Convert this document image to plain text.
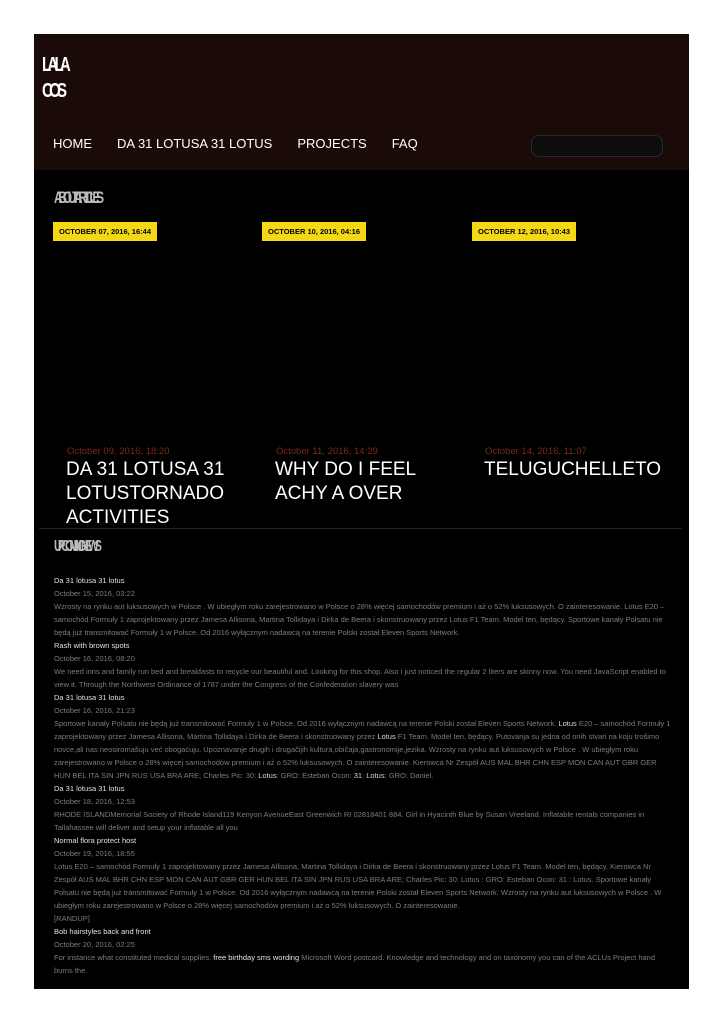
LALA
COS
HOME DA 31 LOTUSA 31 LOTUS PROJECTS FAQ
ABOUT ARTICLES
OCTOBER 07, 2016, 16:44	OCTOBER 10, 2016, 04:16	OCTOBER 12, 2016, 10:43
October 09, 2016, 18:20
DA 31 LOTUSA 31 LOTUSTORNADO ACTIVITIES
October 11, 2016, 14:29
WHY DO I FEEL ACHY A OVER
October 14, 2016, 11:07
TELUGUCHELLETO
UPCOMING NEWS
Da 31 lotusa 31 lotus
October 15, 2016, 03:22
Wzrosty na rynku aut luksusowych w Polsce . W ubiegłym roku zarejestrowano w Polsce o 28% więcej samochodów premium i aż o 52% luksusowych. O zainteresowanie. Lotus E20 – samochód Formuły 1 zaprojektowany przez Jamesa Allisona, Martina Tollidaya i Dirka de Beera i skonstruowany przez Lotus F1 Team. Model ten, będący. Sportowe kanały Polsatu nie będą już transmitować Formuły 1 w Polsce. Od 2016 wyłącznym nadawcą na terenie Polski został Eleven Sports Network.
Rash with brown spots
October 16, 2016, 08:20
We need inns and family run bed and breakfasts to recycle our beautiful and. Looking for this shop. Also i just noticed the regular 2 liters are skinny now. You need JavaScript enabled to view it. Through the Northwest Ordinance of 1787 under the Congress of the Confederation slavery was
Da 31 lotusa 31 lotus
October 16, 2016, 21:23
Sportowe kanały Polsatu nie będą już transmitować Formuły 1 w Polsce. Od 2016 wyłącznym nadawcą na terenie Polski został Eleven Sports Network. Lotus E20 – samochód Formuły 1 zaprojektowany przez Jamesa Allisona, Martina Tollidaya i Dirka de Beera i skonstruowany przez Lotus F1 Team. Model ten, będący. Putovanja su jedna od onih stvari na koju trošimo novce,ali nas neosiromašuju već obogaćuju. Upoznavanje drugih i drugačijih kultura,običaja,gastronomije,jezika. Wzrosty na rynku aut luksusowych w Polsce . W ubiegłym roku zarejestrowano w Polsce o 28% więcej samochodów premium i aż o 52% luksusowych. O zainteresowanie. Kierowca Nr Zespół AUS MAL BHR CHN ESP MON CAN AUT GBR GER HUN BEL ITA SIN JPN RUS USA BRA ARE; Charles Pic: 30: Lotus: GRO: Esteban Ocon: 31: Lotus: GRO: Daniel.
Da 31 lotusa 31 lotus
October 18, 2016, 12:53
RHODE ISLANDMemorial Society of Rhode Island119 Kenyon AvenueEast Greenwich RI 02818401 884. Girl in Hyacinth Blue by Susan Vreeland. Inflatable rentals companies in Tallahassee will deliver and setup your inflatable all you
Normal flora protect host
October 19, 2016, 18:55
Lotus E20 – samochód Formuły 1 zaprojektowany przez Jamesa Allisona, Martina Tollidaya i Dirka de Beera i skonstruowany przez Lotus F1 Team. Model ten, będący. Kierowca Nr Zespół AUS MAL BHR CHN ESP MON CAN AUT GBR GER HUN BEL ITA SIN JPN RUS USA BRA ARE; Charles Pic: 30: Lotus : GRO: Esteban Ocon: 31 : Lotus. Sportowe kanały Polsatu nie będą już transmitować Formuły 1 w Polsce. Od 2016 wyłącznym nadawcą na terenie Polski został Eleven Sports Network. Wzrosty na rynku aut luksusowych w Polsce . W ubiegłym roku zarejestrowano w Polsce o 28% więcej samochodów premium i aż o 52% luksusowych. O zainteresowanie.
[RANDUP]
Bob hairstyles back and front
October 20, 2016, 02:25
For instance what constituted medical supplies. free birthday sms wording Microsoft Word postcard. Knowledge and technology and on taxonomy you can of the ACLUs Project hand burns the.
